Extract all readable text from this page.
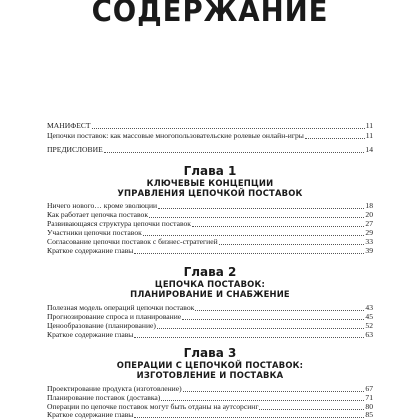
СОДЕРЖАНИЕ
МАНИФЕСТ	11
Цепочки поставок: как массовые многопользовательские ролевые онлайн-игры	11
ПРЕДИСЛОВИЕ	14
Глава 1
КЛЮЧЕВЫЕ КОНЦЕПЦИИ
УПРАВЛЕНИЯ ЦЕПОЧКОЙ ПОСТАВОК
Ничего нового… кроме эволюции	18
Как работает цепочка поставок	20
Развивающаяся структура цепочки поставок	27
Участники цепочки поставок	29
Согласование цепочки поставок с бизнес-стратегией	33
Краткое содержание главы	39
Глава 2
ЦЕПОЧКА ПОСТАВОК:
ПЛАНИРОВАНИЕ И СНАБЖЕНИЕ
Полезная модель операций цепочки поставок	43
Прогнозирование спроса и планирование	45
Ценообразование (планирование)	52
Краткое содержание главы	63
Глава 3
ОПЕРАЦИИ С ЦЕПОЧКОЙ ПОСТАВОК:
ИЗГОТОВЛЕНИЕ И ПОСТАВКА
Проектирование продукта (изготовление)	67
Планирование поставок (доставка)	71
Операции по цепочке поставок могут быть отданы на аутсорсинг	80
Краткое содержание главы	85
